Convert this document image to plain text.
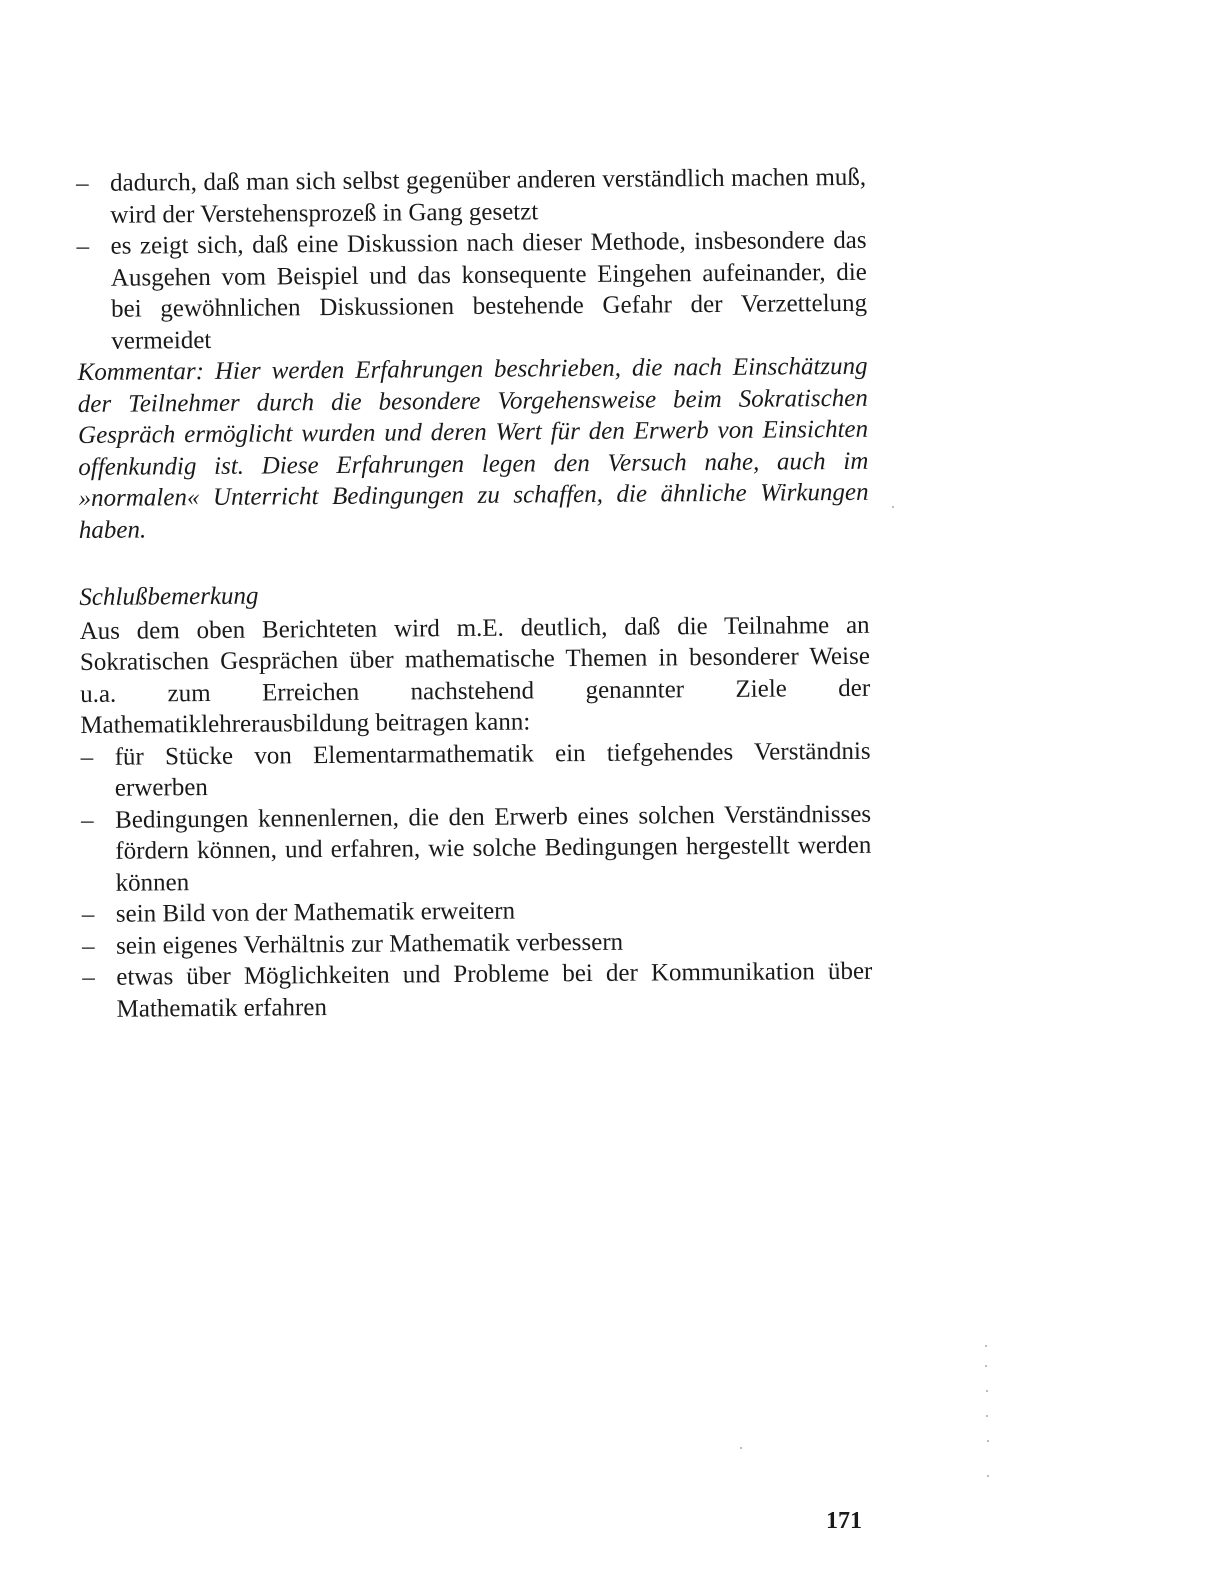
– dadurch, daß man sich selbst gegenüber anderen verständlich machen muß, wird der Verstehensprozeß in Gang gesetzt
– es zeigt sich, daß eine Diskussion nach dieser Methode, insbesondere das Ausgehen vom Beispiel und das konsequente Eingehen aufeinander, die bei gewöhnlichen Diskussionen bestehende Gefahr der Verzettelung vermeidet

Kommentar: Hier werden Erfahrungen beschrieben, die nach Einschätzung der Teilnehmer durch die besondere Vorgehensweise beim Sokratischen Gespräch ermöglicht wurden und deren Wert für den Erwerb von Einsichten offenkundig ist. Diese Erfahrungen legen den Versuch nahe, auch im »normalen« Unterricht Bedingungen zu schaffen, die ähnliche Wirkungen haben.

Schlußbemerkung

Aus dem oben Berichteten wird m.E. deutlich, daß die Teilnahme an Sokratischen Gesprächen über mathematische Themen in besonderer Weise u.a. zum Erreichen nachstehend genannter Ziele der Mathematiklehrerausbildung beitragen kann:

– für Stücke von Elementarmathematik ein tiefgehendes Verständnis erwerben
– Bedingungen kennenlernen, die den Erwerb eines solchen Verständnisses fördern können, und erfahren, wie solche Bedingungen hergestellt werden können
– sein Bild von der Mathematik erweitern
– sein eigenes Verhältnis zur Mathematik verbessern
– etwas über Möglichkeiten und Probleme bei der Kommunikation über Mathematik erfahren
171
